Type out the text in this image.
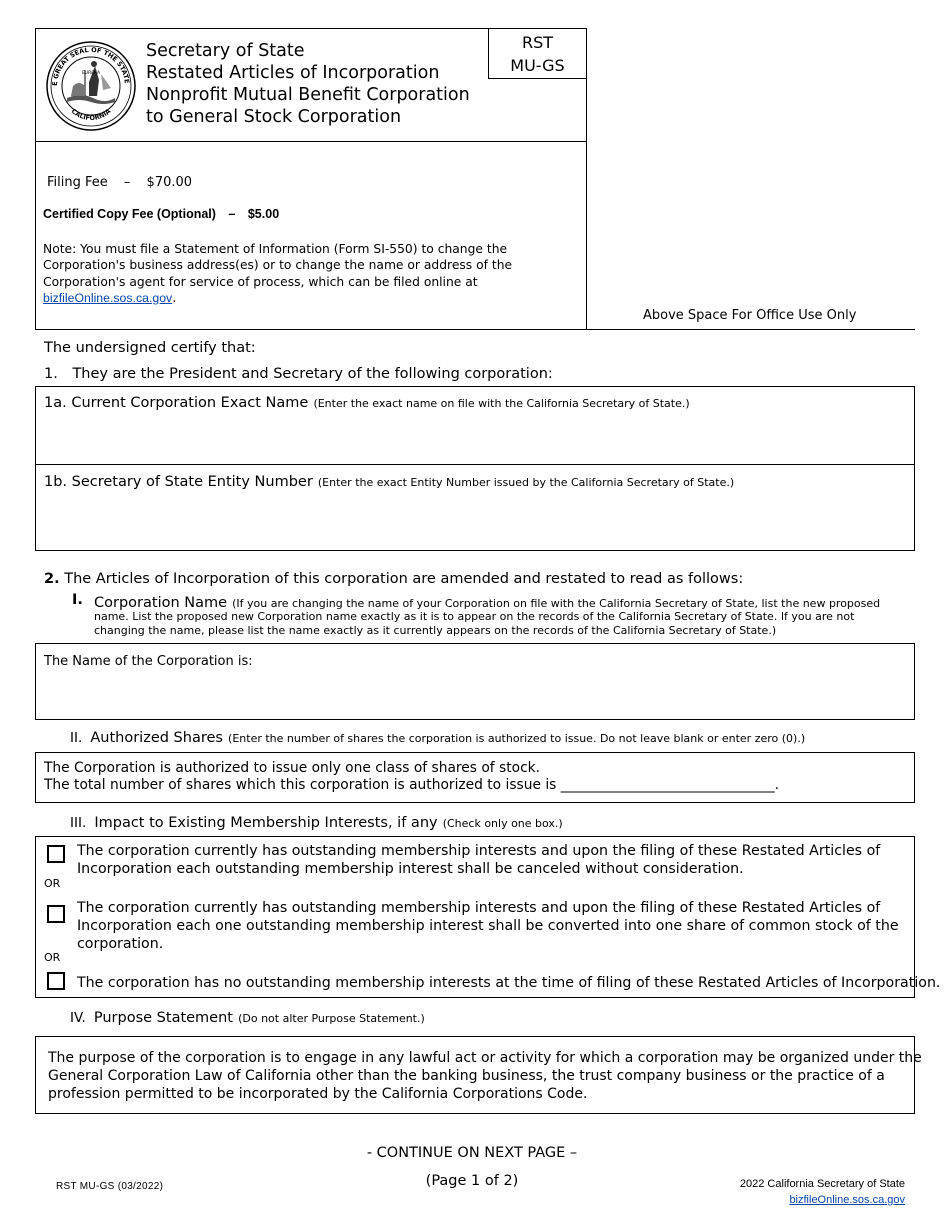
RST
MU-GS
E GREAT SEAL OF THE STATE
CALIFORNIA
EUREKA
Secretary of State
Restated Articles of Incorporation
Nonprofit Mutual Benefit Corporation
to General Stock Corporation
Filing Fee – $70.00
Certified Copy Fee (Optional) – $5.00
Note: You must file a Statement of Information (Form SI-550) to change the
Corporation's business address(es) or to change the name or address of the
Corporation's agent for service of process, which can be filed online at
bizfileOnline.sos.ca.gov.
Above Space For Office Use Only
The undersigned certify that:
1. They are the President and Secretary of the following corporation:
1a. Current Corporation Exact Name (Enter the exact name on file with the California Secretary of State.)
1b. Secretary of State Entity Number (Enter the exact Entity Number issued by the California Secretary of State.)
2. The Articles of Incorporation of this corporation are amended and restated to read as follows:
I. Corporation Name (If you are changing the name of your Corporation on file with the California Secretary of State, list the new proposed
name. List the proposed new Corporation name exactly as it is to appear on the records of the California Secretary of State. If you are not
changing the name, please list the name exactly as it currently appears on the records of the California Secretary of State.)
The Name of the Corporation is:
II. Authorized Shares (Enter the number of shares the corporation is authorized to issue. Do not leave blank or enter zero (0).)
The Corporation is authorized to issue only one class of shares of stock.
The total number of shares which this corporation is authorized to issue is _______________________________.
III. Impact to Existing Membership Interests, if any (Check only one box.)
The corporation currently has outstanding membership interests and upon the filing of these Restated Articles of
Incorporation each outstanding membership interest shall be canceled without consideration.
OR
The corporation currently has outstanding membership interests and upon the filing of these Restated Articles of
Incorporation each one outstanding membership interest shall be converted into one share of common stock of the
corporation.
OR
The corporation has no outstanding membership interests at the time of filing of these Restated Articles of Incorporation.
IV. Purpose Statement (Do not alter Purpose Statement.)
The purpose of the corporation is to engage in any lawful act or activity for which a corporation may be organized under the
General Corporation Law of California other than the banking business, the trust company business or the practice of a
profession permitted to be incorporated by the California Corporations Code.
- CONTINUE ON NEXT PAGE –
(Page 1 of 2)
RST MU-GS (03/2022)	2022 California Secretary of State
bizfileOnline.sos.ca.gov
